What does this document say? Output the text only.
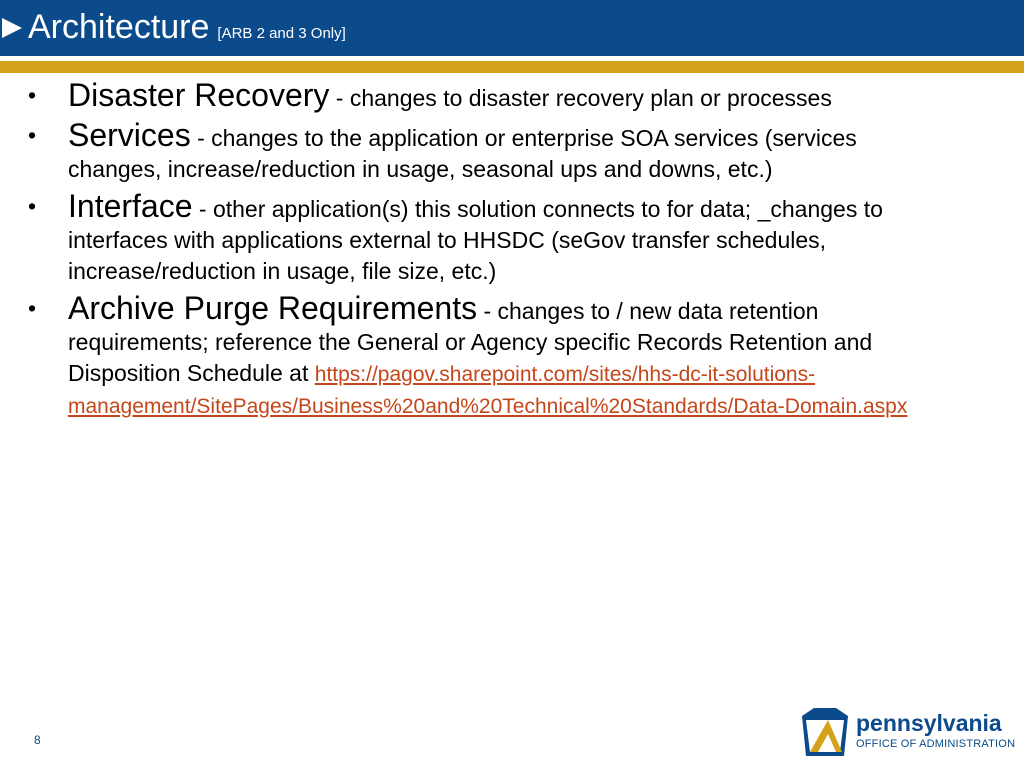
Architecture [ARB 2 and 3 Only]
• Disaster Recovery - changes to disaster recovery plan or processes
• Services - changes to the application or enterprise SOA services (services changes, increase/reduction in usage, seasonal ups and downs, etc.)
• Interface - other application(s) this solution connects to for data; _changes to interfaces with applications external to HHSDC (seGov transfer schedules, increase/reduction in usage, file size, etc.)
• Archive Purge Requirements - changes to / new data retention requirements; reference the General or Agency specific Records Retention and Disposition Schedule at https://pagov.sharepoint.com/sites/hhs-dc-it-solutions-management/SitePages/Business%20and%20Technical%20Standards/Data-Domain.aspx
8
pennsylvania
OFFICE OF ADMINISTRATION
